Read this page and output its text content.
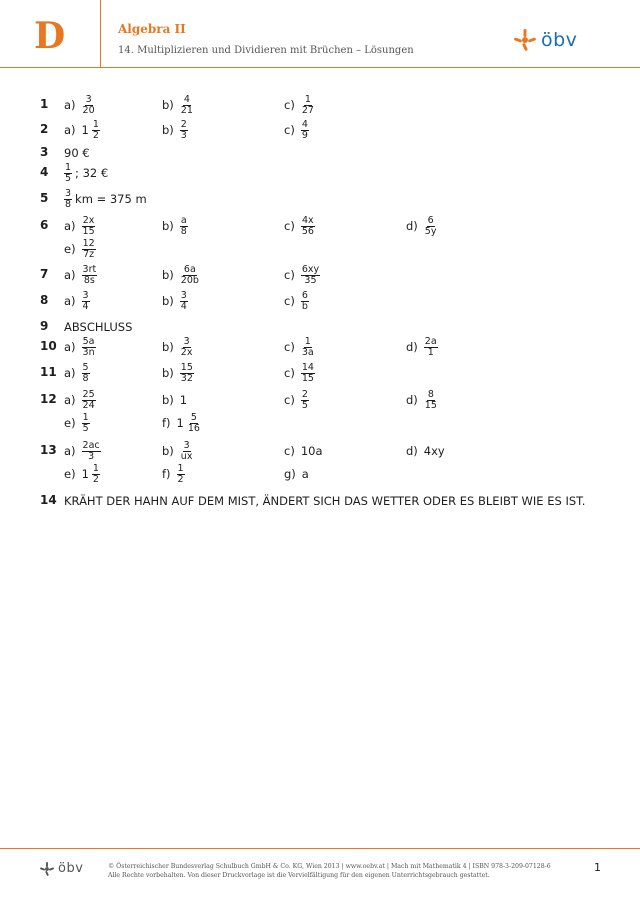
D	Algebra II
14. Multiplizieren und Dividieren mit Brüchen – Lösungen	öbv
1 $a) \frac{3}{20}$	$b) \frac{4}{21}$	$c) \frac{1}{27}$
2 a) $1 \frac{1}{2}$	$b) \frac{2}{3}$	$c) \frac{4}{9}$
3 90 €
$4 \frac{1}{5}$ ; 32 €
$5 \frac{3}{8}$ km = 375 m
6 $a) \frac{2x}{15}$	$b) \frac{a}{8}$	$c) \frac{4x}{56}$	$d) \frac{6}{5y}$
$e) \frac{12}{7z}$
7 $a) \frac{3rt}{8s}$	$b) \frac{6a}{20b}$	$c) \frac{6xy}{35}$
8 $a) \frac{3}{4}$	$b) \frac{3}{4}$	$c) \frac{6}{b}$
9 ABSCHLUSS
10 $a) \frac{5a}{3n}$	$b) \frac{3}{2x}$	$c) \frac{1}{3a}$	$d) \frac{2a}{1}$
11 $a) \frac{5}{8}$	$b) \frac{15}{32}$	$c) \frac{14}{15}$
12 $a) \frac{25}{24}$	b) 1	$c) \frac{2}{5}$	$d) \frac{8}{15}$
$e) \frac{1}{5}$	f) $1 \frac{5}{16}$
13 $a) \frac{2ac}{3}$	$b) \frac{3}{ux}$	c) 10a	d) 4xy
e) $1 \frac{1}{2}$	$f) \frac{1}{2}$	g) a
14 KRÄHT DER HAHN AUF DEM MIST, ÄNDERT SICH DAS WETTER ODER ES BLEIBT WIE ES IST.
öbv	© Österreichischer Bundesverlag Schulbuch GmbH & Co. KG, Wien 2013 | www.oebv.at | Mach mit Mathematik 4 | ISBN 978-3-209-07128-6
Alle Rechte vorbehalten. Von dieser Druckvorlage ist die Vervielfältigung für den eigenen Unterrichtsgebrauch gestattet.
1
